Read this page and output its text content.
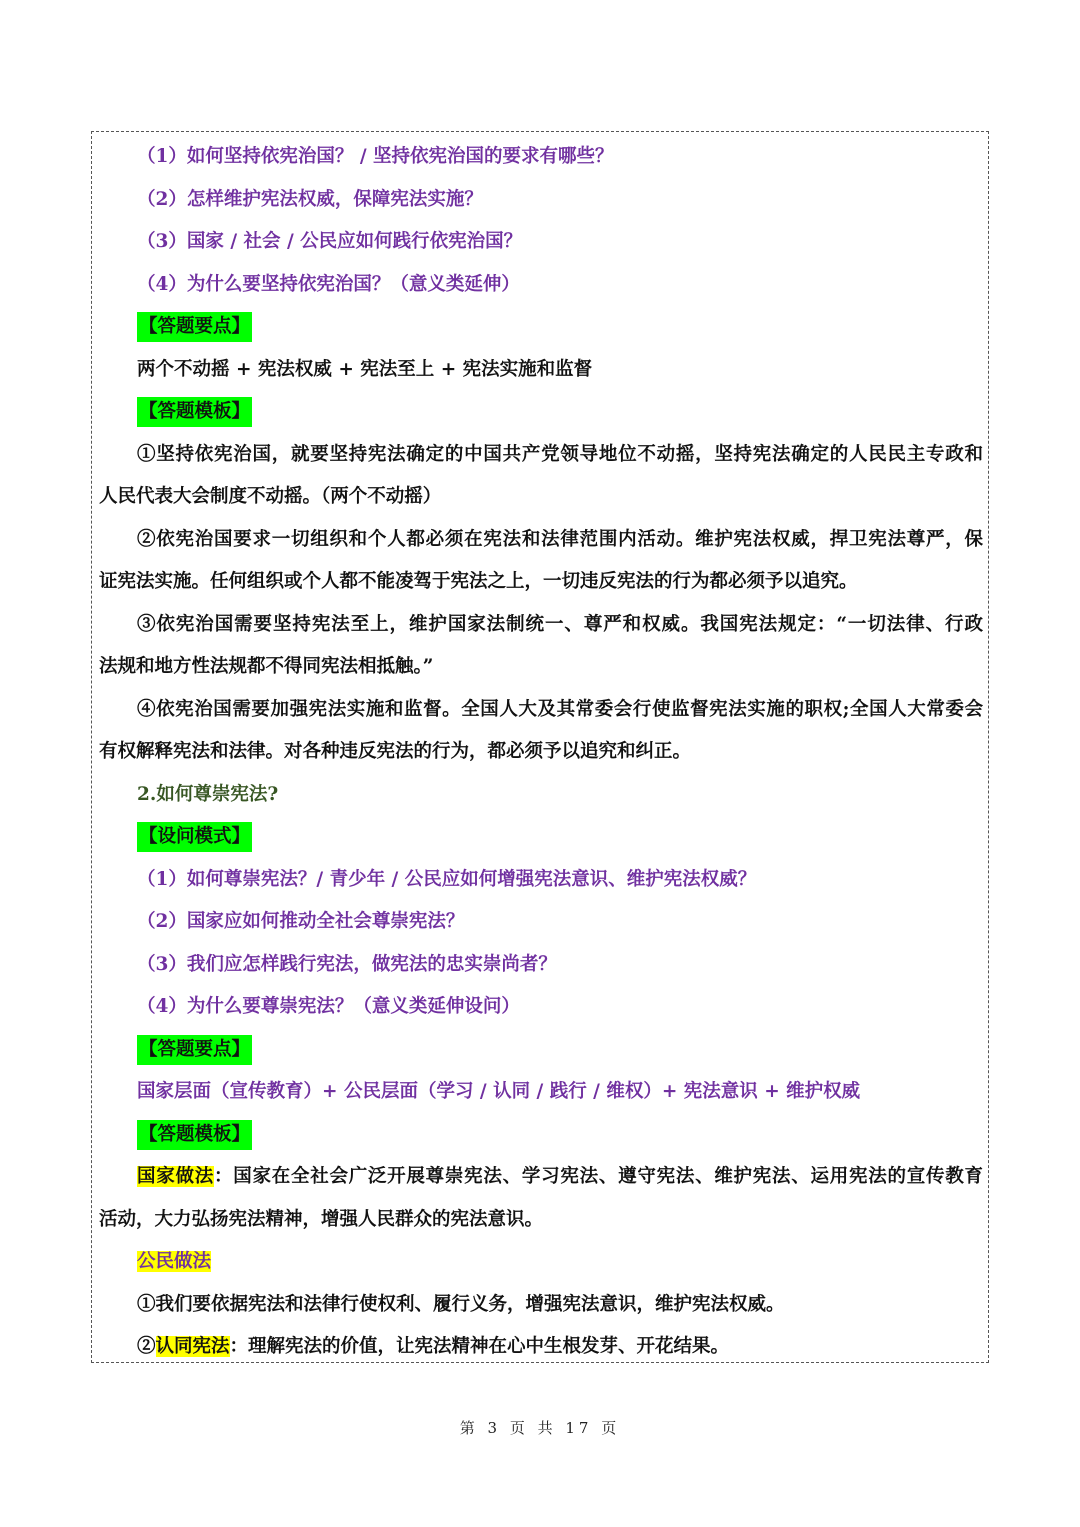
（1）如何坚持依宪治国？ / 坚持依宪治国的要求有哪些？
（2）怎样维护宪法权威，保障宪法实施？
（3）国家 / 社会 / 公民应如何践行依宪治国？
（4）为什么要坚持依宪治国？（意义类延伸）
【答题要点】
两个不动摇 + 宪法权威 + 宪法至上 + 宪法实施和监督
【答题模板】
①坚持依宪治国，就要坚持宪法确定的中国共产党领导地位不动摇，坚持宪法确定的人民民主专政和
人民代表大会制度不动摇。（两个不动摇）
②依宪治国要求一切组织和个人都必须在宪法和法律范围内活动。维护宪法权威，捍卫宪法尊严，保
证宪法实施。任何组织或个人都不能凌驾于宪法之上，一切违反宪法的行为都必须予以追究。
③依宪治国需要坚持宪法至上，维护国家法制统一、尊严和权威。我国宪法规定：“一切法律、行政
法规和地方性法规都不得同宪法相抵触。”
④依宪治国需要加强宪法实施和监督。全国人大及其常委会行使监督宪法实施的职权;全国人大常委会
有权解释宪法和法律。对各种违反宪法的行为，都必须予以追究和纠正。
2.如何尊崇宪法?
【设问模式】
（1）如何尊崇宪法？/ 青少年 / 公民应如何增强宪法意识、维护宪法权威？
（2）国家应如何推动全社会尊崇宪法？
（3）我们应怎样践行宪法，做宪法的忠实崇尚者？
（4）为什么要尊崇宪法？（意义类延伸设问）
【答题要点】
国家层面（宣传教育）+ 公民层面（学习 / 认同 / 践行 / 维权）+ 宪法意识 + 维护权威
【答题模板】
国家做法：国家在全社会广泛开展尊崇宪法、学习宪法、遵守宪法、维护宪法、运用宪法的宣传教育
活动，大力弘扬宪法精神，增强人民群众的宪法意识。
公民做法
①我们要依据宪法和法律行使权利、履行义务，增强宪法意识，维护宪法权威。
②认同宪法：理解宪法的价值，让宪法精神在心中生根发芽、开花结果。
第 3 页 共 17 页
